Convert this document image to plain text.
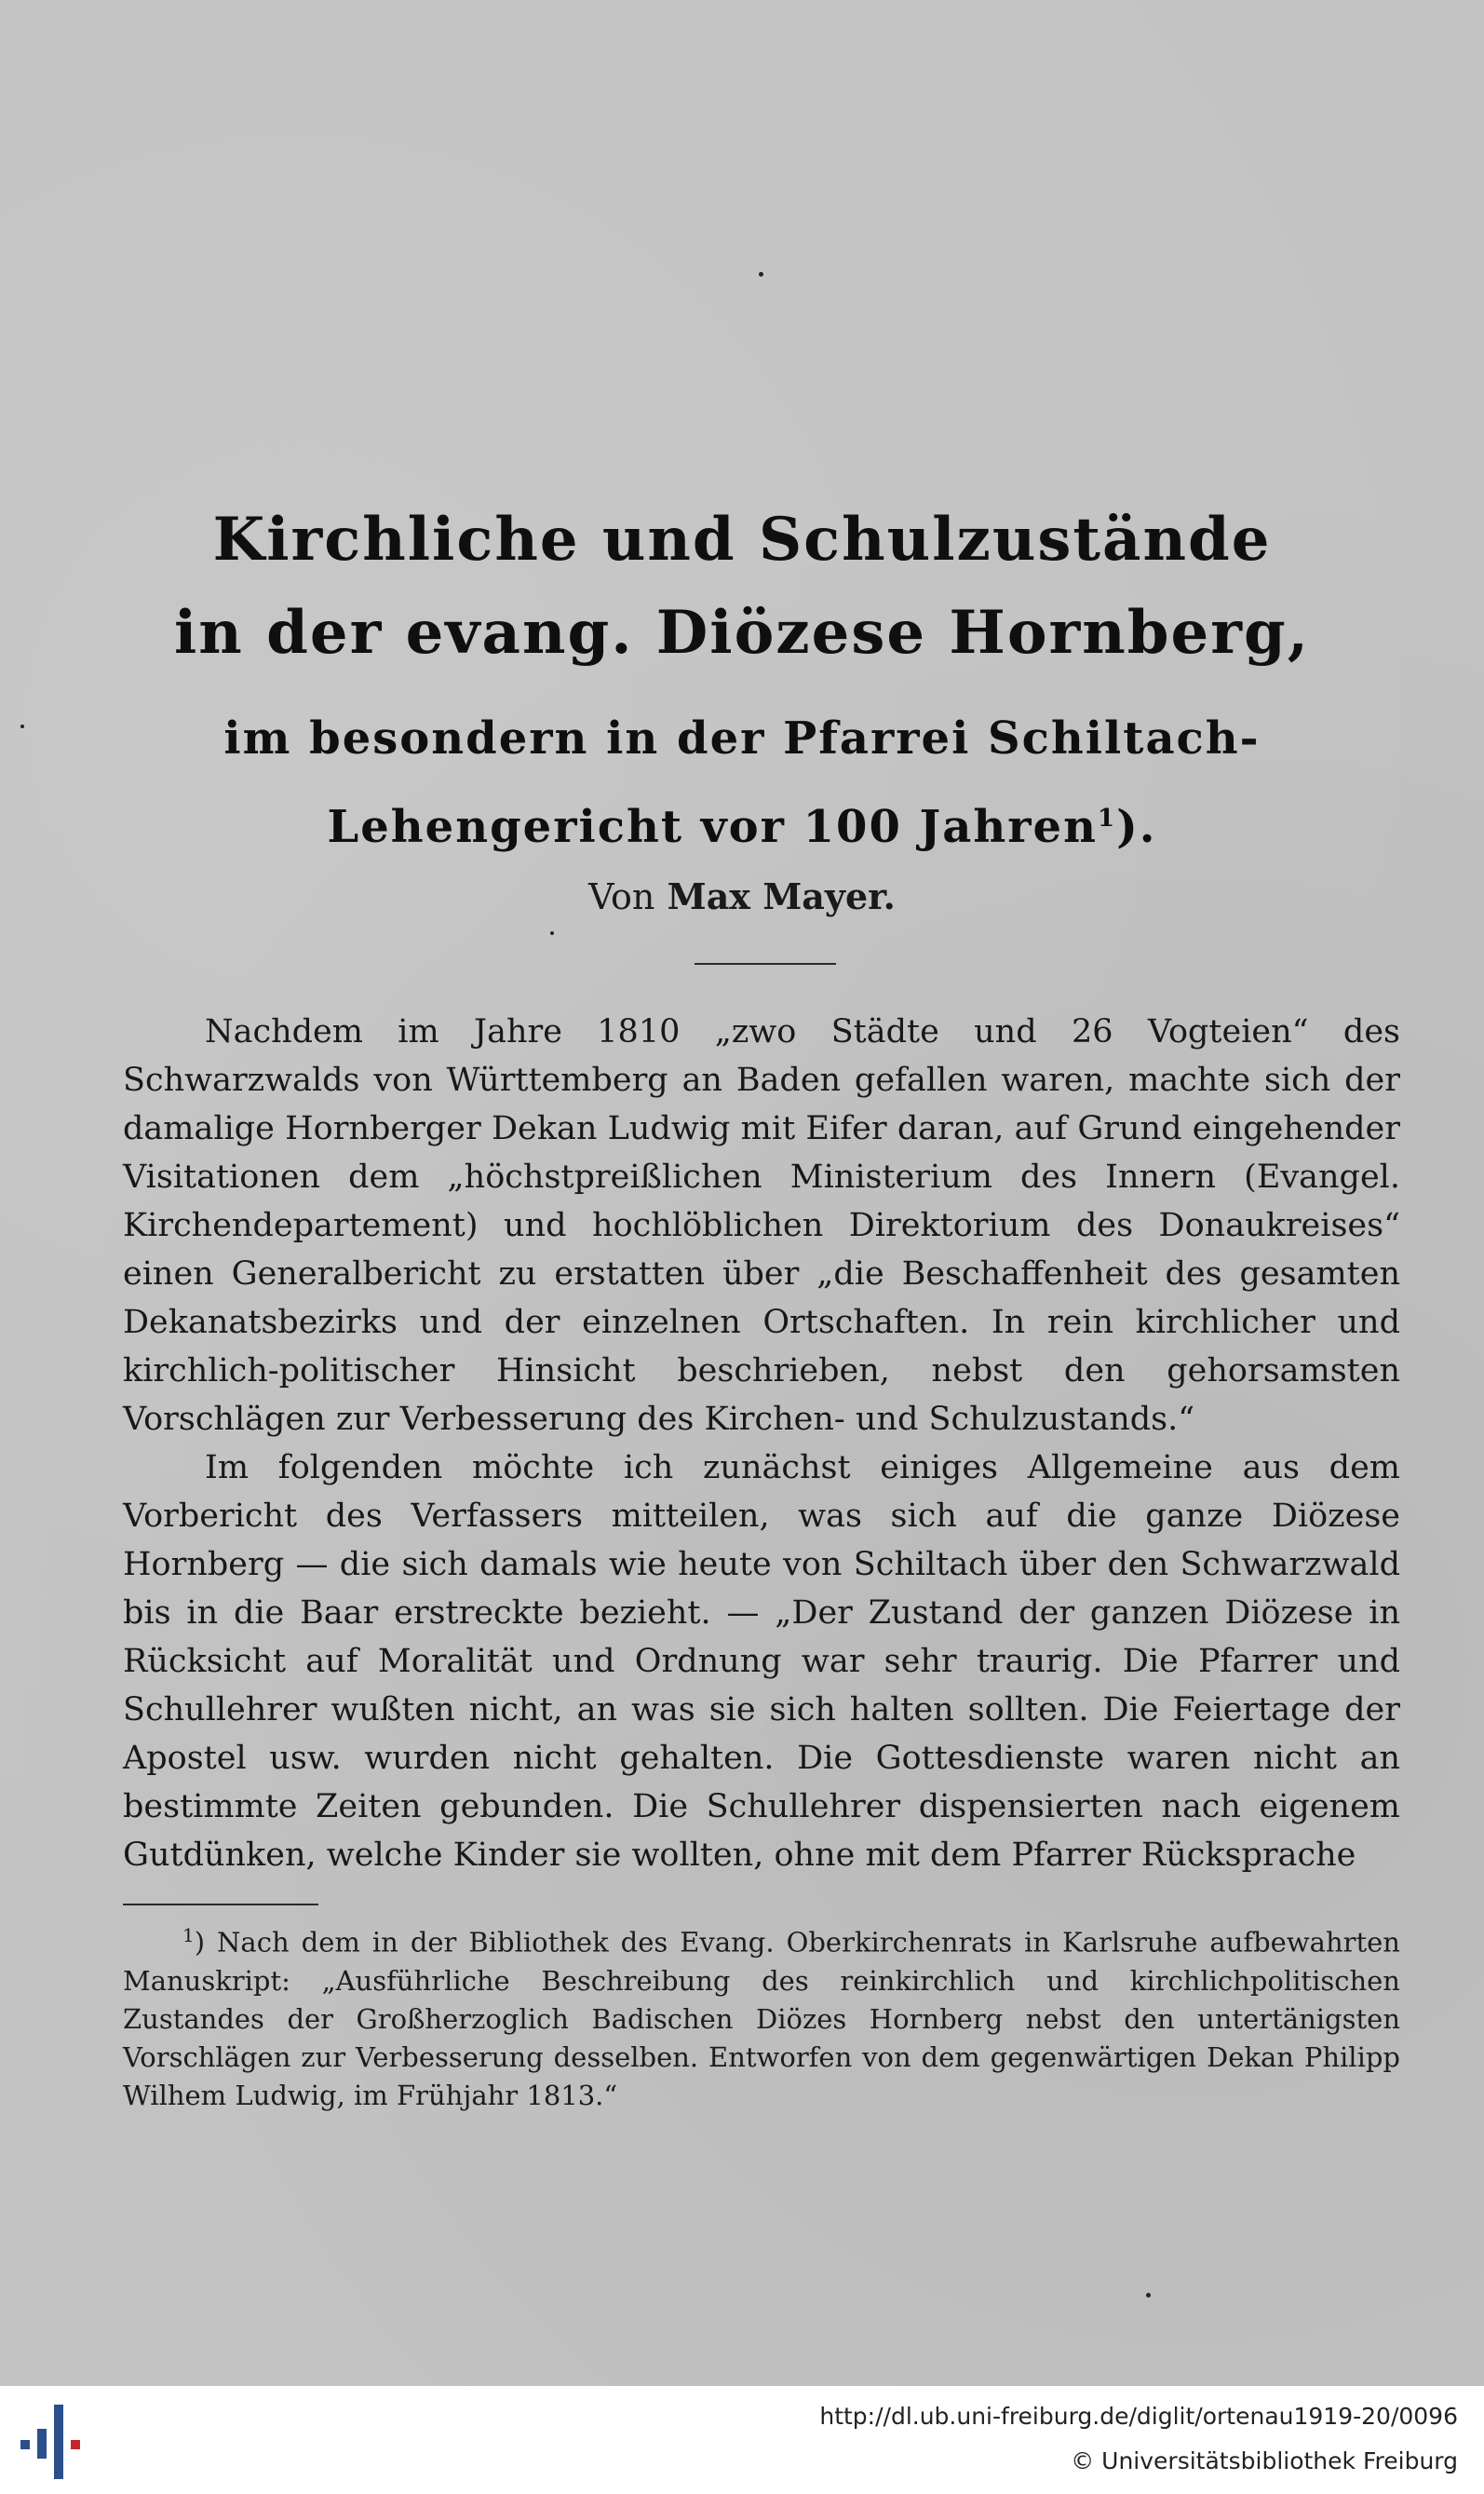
Kirchliche und Schulzustände
in der evang. Diözese Hornberg,
im besondern in der Pfarrei Schiltach-
Lehengericht vor 100 Jahren$^1$).
Von Max Mayer.

Nachdem im Jahre 1810 „zwo Städte und 26 Vogteien“ des Schwarzwalds von Württemberg an Baden gefallen waren, machte sich der damalige Hornberger Dekan Ludwig mit Eifer daran, auf Grund eingehender Visitationen dem „höchstpreißlichen Ministerium des Innern (Evangel. Kirchendepartement) und hochlöblichen Direktorium des Donaukreises“ einen Generalbericht zu erstatten über „die Beschaffenheit des gesamten Dekanatsbezirks und der einzelnen Ortschaften. In rein kirchlicher und kirchlich-politischer Hinsicht beschrieben, nebst den gehorsamsten Vorschlägen zur Verbesserung des Kirchen- und Schulzustands.“

Im folgenden möchte ich zunächst einiges Allgemeine aus dem Vorbericht des Verfassers mitteilen, was sich auf die ganze Diözese Hornberg — die sich damals wie heute von Schiltach über den Schwarzwald bis in die Baar erstreckte bezieht. — „Der Zustand der ganzen Diözese in Rücksicht auf Moralität und Ordnung war sehr traurig. Die Pfarrer und Schullehrer wußten nicht, an was sie sich halten sollten. Die Feiertage der Apostel usw. wurden nicht gehalten. Die Gottesdienste waren nicht an bestimmte Zeiten gebunden. Die Schullehrer dispensierten nach eigenem Gutdünken, welche Kinder sie wollten, ohne mit dem Pfarrer Rücksprache

$^1$) Nach dem in der Bibliothek des Evang. Oberkirchenrats in Karlsruhe aufbewahrten Manuskript: „Ausführliche Beschreibung des reinkirchlich und kirchlichpolitischen Zustandes der Großherzoglich Badischen Diözes Hornberg nebst den untertänigsten Vorschlägen zur Verbesserung desselben. Entworfen von dem gegenwärtigen Dekan Philipp Wilhem Ludwig, im Frühjahr 1813.“
http://dl.ub.uni-freiburg.de/diglit/ortenau1919-20/0096
© Universitätsbibliothek Freiburg
